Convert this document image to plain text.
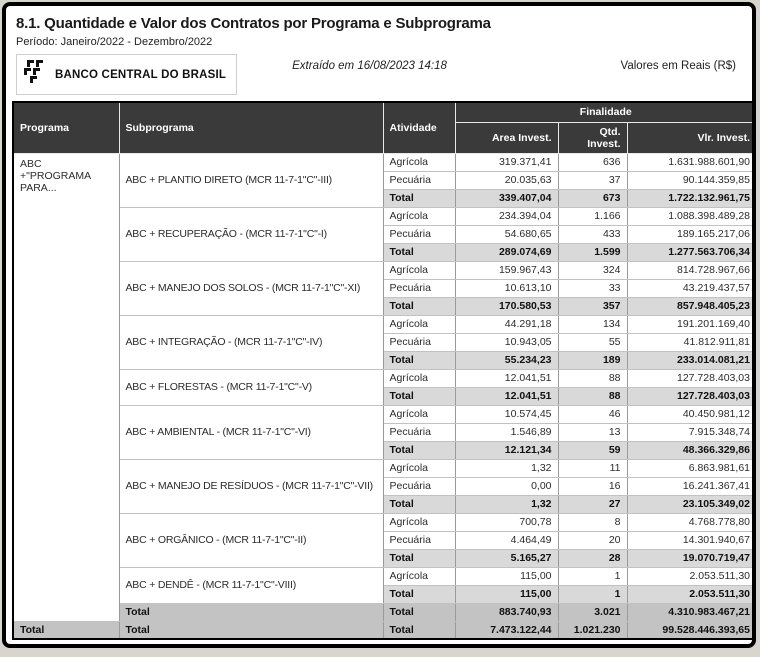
8.1. Quantidade e Valor dos Contratos por Programa e Subprograma
Período: Janeiro/2022 - Dezembro/2022
BANCO CENTRAL DO BRASIL
Extraído em 16/08/2023 14:18	Valores em Reais (R$)
Programa	Subprograma	Atividade	Finalidade		
			Area Invest.	Qtd. Invest.	Vlr. Invest.
ABC +"PROGRAMA PARA...	ABC + PLANTIO DIRETO (MCR 11-7-1"C"-III)	Agrícola	319.371,41	636	1.631.988.601,90
		Pecuária	20.035,63	37	90.144.359,85
		Total	339.407,04	673	1.722.132.961,75
	ABC + RECUPERAÇÃO - (MCR 11-7-1"C"-I)	Agrícola	234.394,04	1.166	1.088.398.489,28
		Pecuária	54.680,65	433	189.165.217,06
		Total	289.074,69	1.599	1.277.563.706,34
	ABC + MANEJO DOS SOLOS - (MCR 11-7-1"C"-XI)	Agrícola	159.967,43	324	814.728.967,66
		Pecuária	10.613,10	33	43.219.437,57
		Total	170.580,53	357	857.948.405,23
	ABC + INTEGRAÇÃO - (MCR 11-7-1"C"-IV)	Agrícola	44.291,18	134	191.201.169,40
		Pecuária	10.943,05	55	41.812.911,81
		Total	55.234,23	189	233.014.081,21
	ABC + FLORESTAS - (MCR 11-7-1"C"-V)	Agrícola	12.041,51	88	127.728.403,03
		Total	12.041,51	88	127.728.403,03
	ABC + AMBIENTAL - (MCR 11-7-1"C"-VI)	Agrícola	10.574,45	46	40.450.981,12
		Pecuária	1.546,89	13	7.915.348,74
		Total	12.121,34	59	48.366.329,86
	ABC + MANEJO DE RESÍDUOS - (MCR 11-7-1"C"-VII)	Agrícola	1,32	11	6.863.981,61
		Pecuária	0,00	16	16.241.367,41
		Total	1,32	27	23.105.349,02
	ABC + ORGÂNICO - (MCR 11-7-1"C"-II)	Agrícola	700,78	8	4.768.778,80
		Pecuária	4.464,49	20	14.301.940,67
		Total	5.165,27	28	19.070.719,47
	ABC + DENDÊ - (MCR 11-7-1"C"-VIII)	Agrícola	115,00	1	2.053.511,30
		Total	115,00	1	2.053.511,30
	Total	Total	883.740,93	3.021	4.310.983.467,21
Total	Total	Total	7.473.122,44	1.021.230	99.528.446.393,65
